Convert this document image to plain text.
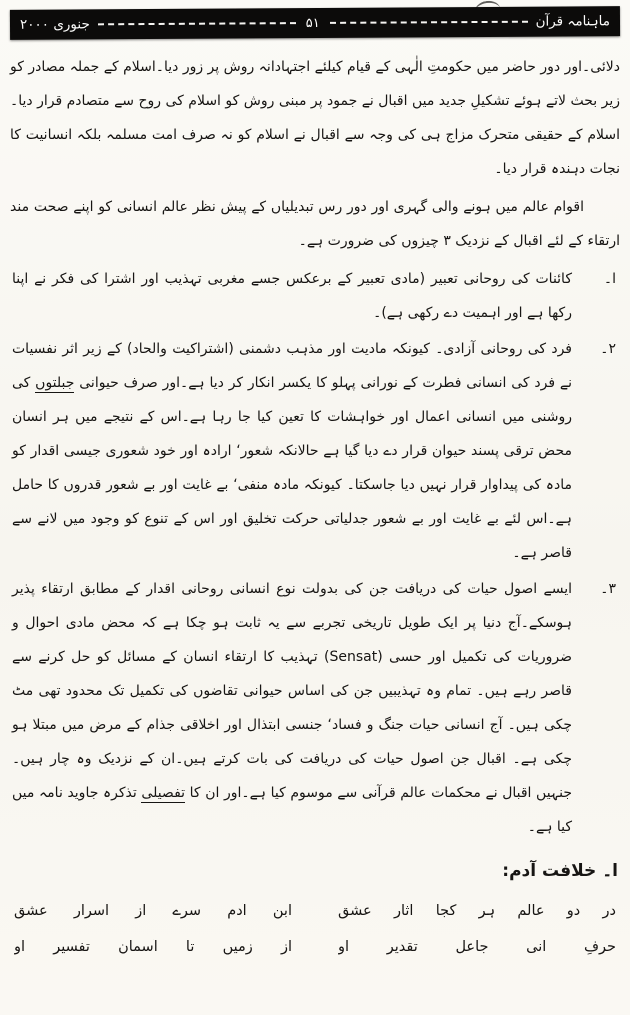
ماہنامہ قرآن
۵۱
جنوری ۲۰۰۰

دلائی۔اور دور حاضر میں حکومتِ الٰہی کے قیام کیلئے اجتہادانہ روش پر زور دیا۔اسلام کے جملہ مصادر کو زیر بحث لاتے ہوئے تشکیلِ جدید میں اقبال نے جمود پر مبنی روش کو اسلام کی روح سے متصادم قرار دیا۔اسلام کے حقیقی متحرک مزاج ہی کی وجہ سے اقبال نے اسلام کو نہ صرف امت مسلمہ بلکہ انسانیت کا نجات دہندہ قرار دیا۔

اقوام عالم میں ہونے والی گہری اور دور رس تبدیلیاں کے پیش نظر عالم انسانی کو اپنے صحت مند ارتقاء کے لئے اقبال کے نزدیک ۳ چیزوں کی ضرورت ہے۔

ا۔

کائنات کی روحانی تعبیر (مادی تعبیر کے برعکس جسے مغربی تہذیب اور اشترا کی فکر نے اپنا رکھا ہے اور اہمیت دے رکھی ہے)۔

۲۔

فرد کی روحانی آزادی۔ کیونکہ مادیت اور مذہب دشمنی (اشتراکیت والحاد) کے زیر اثر نفسیات نے فرد کی انسانی فطرت کے نورانی پہلو کا یکسر انکار کر دیا ہے۔اور صرف حیوانی جبلتوں کی روشنی میں انسانی اعمال اور خواہشات کا تعین کیا جا رہا ہے۔اس کے نتیجے میں ہر انسان محض ترقی پسند حیوان قرار دے دیا گیا ہے حالانکہ شعور‘ ارادہ اور خود شعوری جیسی اقدار کو مادہ کی پیداوار قرار نہیں دیا جاسکتا۔ کیونکہ مادہ منفی‘ بے غایت اور بے شعور قدروں کا حامل ہے۔اس لئے بے غایت اور بے شعور جدلیاتی حرکت تخلیق اور اس کے تنوع کو وجود میں لانے سے قاصر ہے۔

۳۔

ایسے اصول حیات کی دریافت جن کی بدولت نوع انسانی روحانی اقدار کے مطابق ارتقاء پذیر ہوسکے۔آج دنیا پر ایک طویل تاریخی تجربے سے یہ ثابت ہو چکا ہے کہ محض مادی احوال و ضروریات کی تکمیل اور حسی (Sensat) تہذیب کا ارتقاء انسان کے مسائل کو حل کرنے سے قاصر رہے ہیں۔ تمام وہ تہذیبیں جن کی اساس حیوانی تقاضوں کی تکمیل تک محدود تھی مٹ چکی ہیں۔ آج انسانی حیات جنگ و فساد‘ جنسی ابتذال اور اخلاقی جذام کے مرض میں مبتلا ہو چکی ہے۔ اقبال جن اصول حیات کی دریافت کی بات کرتے ہیں۔ان کے نزدیک وہ چار ہیں۔ جنہیں اقبال نے محکمات عالم قرآنی سے موسوم کیا ہے۔اور ان کا تفصیلی تذکرہ جاوید نامہ میں کیا ہے۔

ا۔ خلافت آدم:
در دو عالم ہر کجا آثار عشق
ابن آدم سرے از اسرار عشق
حرفِ انی جاعل تقدیر او
از زمیں تا آسمان تفسیر او
